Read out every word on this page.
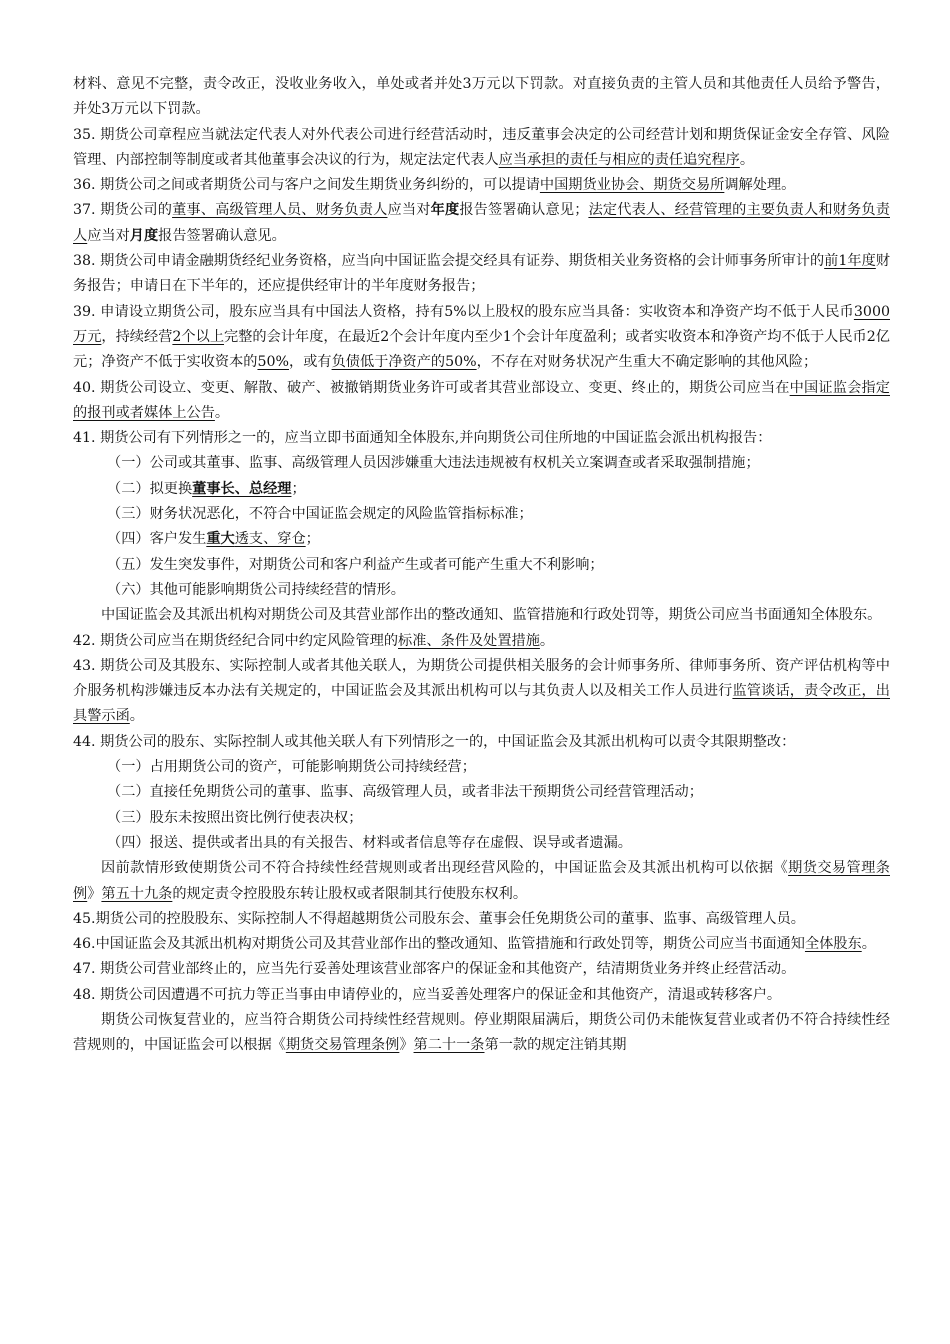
材料、意见不完整，责令改正，没收业务收入，单处或者并处3万元以下罚款。对直接负责的主管人员和其他责任人员给予警告，并处3万元以下罚款。

35. 期货公司章程应当就法定代表人对外代表公司进行经营活动时，违反董事会决定的公司经营计划和期货保证金安全存管、风险管理、内部控制等制度或者其他董事会决议的行为，规定法定代表人应当承担的责任与相应的责任追究程序。

36. 期货公司之间或者期货公司与客户之间发生期货业务纠纷的，可以提请中国期货业协会、期货交易所调解处理。

37. 期货公司的董事、高级管理人员、财务负责人应当对年度报告签署确认意见；法定代表人、经营管理的主要负责人和财务负责人应当对月度报告签署确认意见。

38. 期货公司申请金融期货经纪业务资格，应当向中国证监会提交经具有证券、期货相关业务资格的会计师事务所审计的前1年度财务报告；申请日在下半年的，还应提供经审计的半年度财务报告；

39. 申请设立期货公司，股东应当具有中国法人资格，持有5%以上股权的股东应当具备：实收资本和净资产均不低于人民币3000万元，持续经营2个以上完整的会计年度，在最近2个会计年度内至少1个会计年度盈利；或者实收资本和净资产均不低于人民币2亿元；净资产不低于实收资本的50%，或有负债低于净资产的50%，不存在对财务状况产生重大不确定影响的其他风险；

40. 期货公司设立、变更、解散、破产、被撤销期货业务许可或者其营业部设立、变更、终止的，期货公司应当在中国证监会指定的报刊或者媒体上公告。

41. 期货公司有下列情形之一的，应当立即书面通知全体股东,并向期货公司住所地的中国证监会派出机构报告：

（一）公司或其董事、监事、高级管理人员因涉嫌重大违法违规被有权机关立案调查或者采取强制措施；

（二）拟更换董事长、总经理；

（三）财务状况恶化，不符合中国证监会规定的风险监管指标标准；

（四）客户发生重大透支、穿仓；

（五）发生突发事件，对期货公司和客户利益产生或者可能产生重大不利影响；

（六）其他可能影响期货公司持续经营的情形。

中国证监会及其派出机构对期货公司及其营业部作出的整改通知、监管措施和行政处罚等，期货公司应当书面通知全体股东。

42. 期货公司应当在期货经纪合同中约定风险管理的标准、条件及处置措施。

43. 期货公司及其股东、实际控制人或者其他关联人，为期货公司提供相关服务的会计师事务所、律师事务所、资产评估机构等中介服务机构涉嫌违反本办法有关规定的，中国证监会及其派出机构可以与其负责人以及相关工作人员进行监管谈话，责令改正，出具警示函。

44. 期货公司的股东、实际控制人或其他关联人有下列情形之一的，中国证监会及其派出机构可以责令其限期整改：

（一）占用期货公司的资产，可能影响期货公司持续经营；

（二）直接任免期货公司的董事、监事、高级管理人员，或者非法干预期货公司经营管理活动；

（三）股东未按照出资比例行使表决权；

（四）报送、提供或者出具的有关报告、材料或者信息等存在虚假、误导或者遗漏。

因前款情形致使期货公司不符合持续性经营规则或者出现经营风险的，中国证监会及其派出机构可以依据《期货交易管理条例》第五十九条的规定责令控股股东转让股权或者限制其行使股东权利。

45.期货公司的控股股东、实际控制人不得超越期货公司股东会、董事会任免期货公司的董事、监事、高级管理人员。

46.中国证监会及其派出机构对期货公司及其营业部作出的整改通知、监管措施和行政处罚等，期货公司应当书面通知全体股东。

47. 期货公司营业部终止的，应当先行妥善处理该营业部客户的保证金和其他资产，结清期货业务并终止经营活动。

48. 期货公司因遭遇不可抗力等正当事由申请停业的，应当妥善处理客户的保证金和其他资产，清退或转移客户。

期货公司恢复营业的，应当符合期货公司持续性经营规则。停业期限届满后，期货公司仍未能恢复营业或者仍不符合持续性经营规则的，中国证监会可以根据《期货交易管理条例》第二十一条第一款的规定注销其期
